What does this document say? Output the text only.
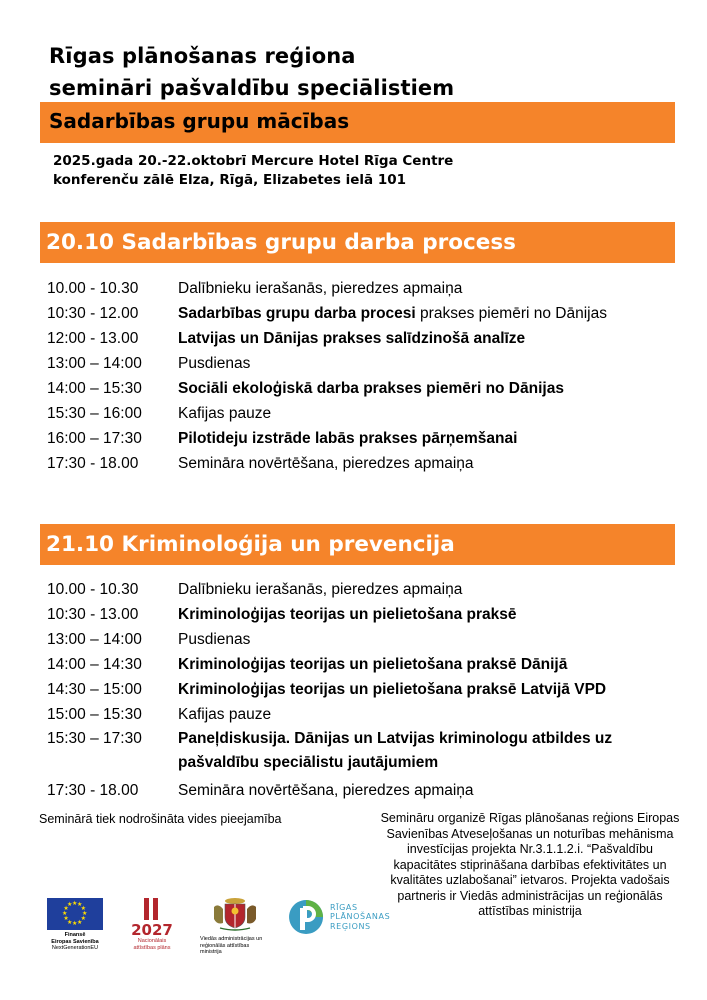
Rīgas plānošanas reģiona
semināri pašvaldību speciālistiem
Sadarbības grupu mācības
2025.gada 20.-22.oktobrī Mercure Hotel Rīga Centre
konferenču zālē Elza, Rīgā, Elizabetes ielā 101
20.10 Sadarbības grupu darba process
10.00 - 10.30	Dalībnieku ierašanās, pieredzes apmaiņa
10:30 - 12.00	Sadarbības grupu darba procesi prakses piemēri no Dānijas
12:00 - 13.00	Latvijas un Dānijas prakses salīdzinošā analīze
13:00 – 14:00	Pusdienas
14:00 – 15:30	Sociāli ekoloģiskā darba prakses piemēri no Dānijas
15:30 – 16:00	Kafijas pauze
16:00 – 17:30	Pilotideju izstrāde labās prakses pārņemšanai
17:30 - 18.00	Semināra novērtēšana, pieredzes apmaiņa
21.10 Kriminoloģija un prevencija
10.00 - 10.30	Dalībnieku ierašanās, pieredzes apmaiņa
10:30 - 13.00	Kriminoloģijas teorijas un pielietošana praksē
13:00 – 14:00	Pusdienas
14:00 – 14:30	Kriminoloģijas teorijas un pielietošana praksē Dānijā
14:30 – 15:00	Kriminoloģijas teorijas un pielietošana praksē Latvijā VPD
15:00 – 15:30	Kafijas pauze
15:30 – 17:30	Paneļdiskusija. Dānijas un Latvijas kriminologu atbildes uz pašvaldību speciālistu jautājumiem
17:30 - 18.00	Semināra novērtēšana, pieredzes apmaiņa
Seminārā tiek nodrošināta vides pieejamība	Semināru organizē Rīgas plānošanas reģions Eiropas Savienības Atveseļošanas un noturības mehānisma investīcijas projekta Nr.3.1.1.2.i. “Pašvaldību kapacitātes stiprināšana darbības efektivitātes un kvalitātes uzlabošanai” ietvaros. Projekta vadošais partneris ir Viedās administrācijas un reģionālās attīstības ministrija
★ ★
★
★
★
★
★
★
★
★
★
★
Finansē
Eiropas Savienība
NextGenerationEU
2027
Nacionālais attīstības plāns
Viedās administrācijas un reģionālās attīstības ministrija
RĪGAS
PLĀNOŠANAS
REĢIONS
